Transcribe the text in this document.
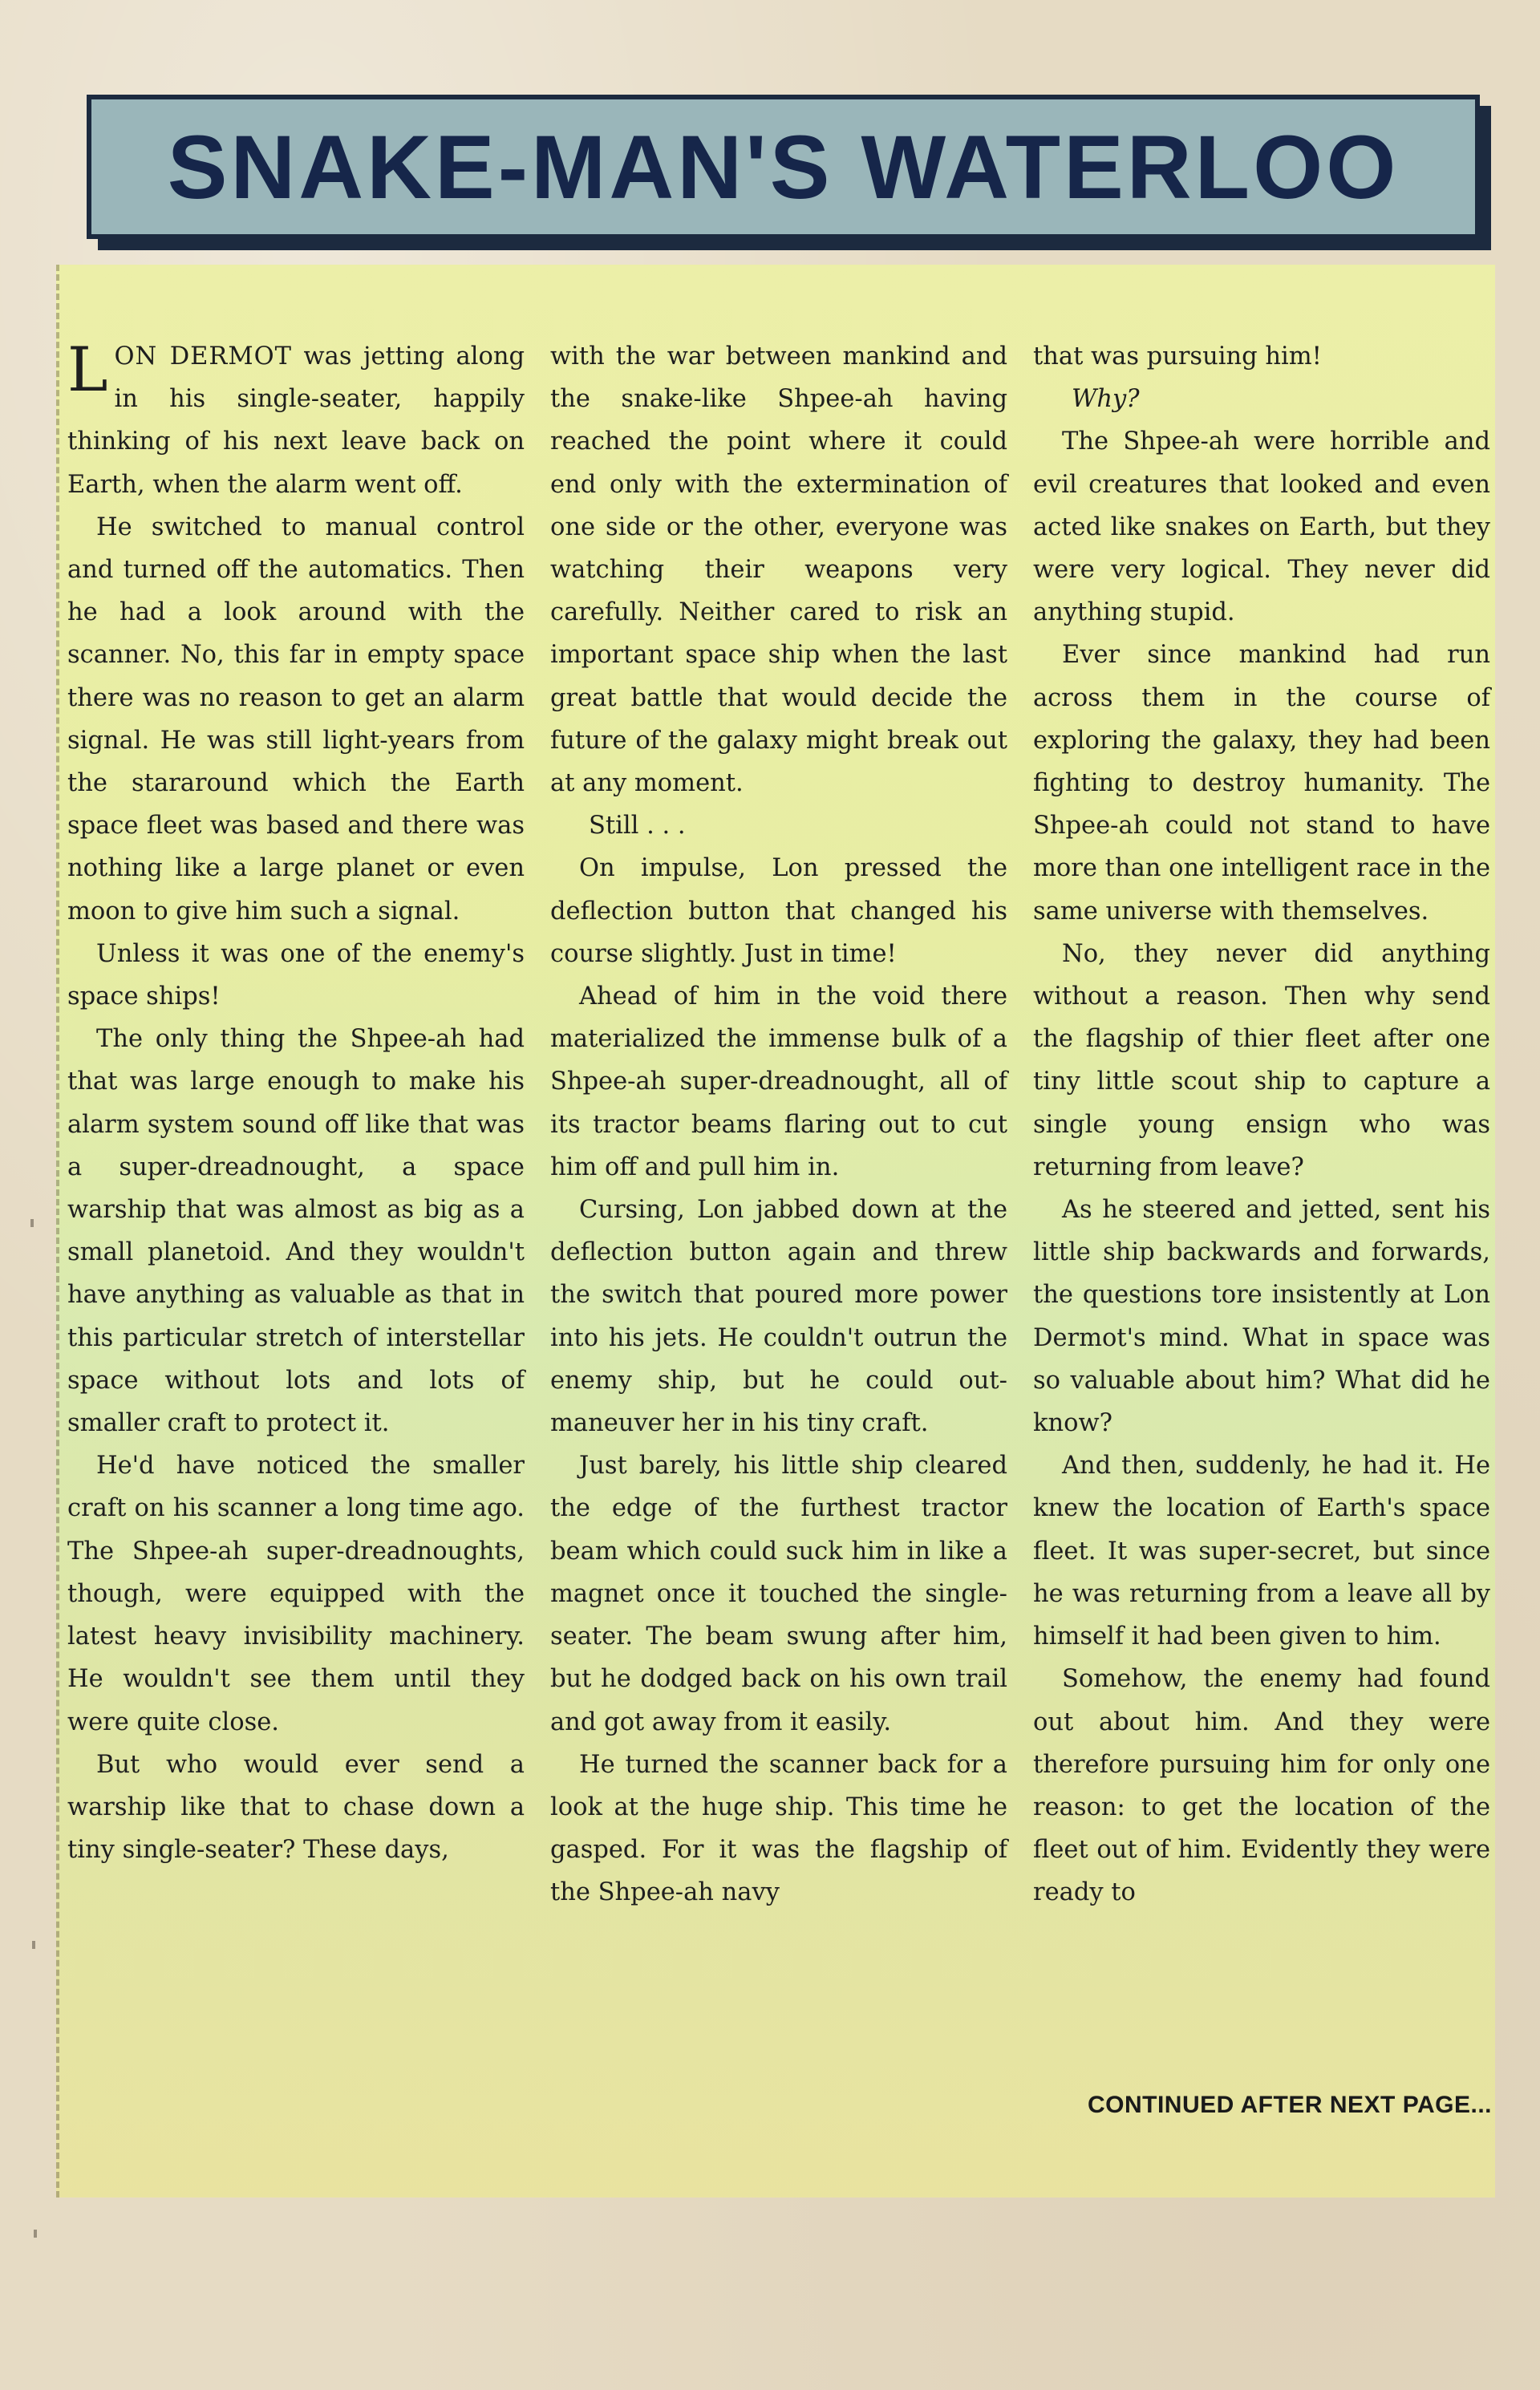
SNAKE-MAN'S WATERLOO

LON DERMOT was jetting along in his single-seater, happily thinking of his next leave back on Earth, when the alarm went off.

He switched to manual control and turned off the automatics. Then he had a look around with the scanner. No, this far in empty space there was no reason to get an alarm signal. He was still light-years from the stararound which the Earth space fleet was based and there was nothing like a large planet or even moon to give him such a signal.

Unless it was one of the enemy's space ships!

The only thing the Shpee-ah had that was large enough to make his alarm system sound off like that was a super-dreadnought, a space warship that was almost as big as a small planetoid. And they wouldn't have anything as valuable as that in this particular stretch of interstellar space without lots and lots of smaller craft to protect it.

He'd have noticed the smaller craft on his scanner a long time ago. The Shpee-ah super-dreadnoughts, though, were equipped with the latest heavy invisibility machinery. He wouldn't see them until they were quite close.

But who would ever send a warship like that to chase down a tiny single-seater? These days,

with the war between mankind and the snake-like Shpee-ah having reached the point where it could end only with the extermination of one side or the other, everyone was watching their weapons very carefully. Neither cared to risk an important space ship when the last great battle that would decide the future of the galaxy might break out at any moment.

Still . . .

On impulse, Lon pressed the deflection button that changed his course slightly. Just in time!

Ahead of him in the void there materialized the immense bulk of a Shpee-ah super-dreadnought, all of its tractor beams flaring out to cut him off and pull him in.

Cursing, Lon jabbed down at the deflection button again and threw the switch that poured more power into his jets. He couldn't outrun the enemy ship, but he could out-maneuver her in his tiny craft.

Just barely, his little ship cleared the edge of the furthest tractor beam which could suck him in like a magnet once it touched the single-seater. The beam swung after him, but he dodged back on his own trail and got away from it easily.

He turned the scanner back for a look at the huge ship. This time he gasped. For it was the flagship of the Shpee-ah navy

that was pursuing him!

Why?

The Shpee-ah were horrible and evil creatures that looked and even acted like snakes on Earth, but they were very logical. They never did anything stupid.

Ever since mankind had run across them in the course of exploring the galaxy, they had been fighting to destroy humanity. The Shpee-ah could not stand to have more than one intelligent race in the same universe with themselves.

No, they never did anything without a reason. Then why send the flagship of thier fleet after one tiny little scout ship to capture a single young ensign who was returning from leave?

As he steered and jetted, sent his little ship backwards and forwards, the questions tore insistently at Lon Dermot's mind. What in space was so valuable about him? What did he know?

And then, suddenly, he had it. He knew the location of Earth's space fleet. It was super-secret, but since he was returning from a leave all by himself it had been given to him.

Somehow, the enemy had found out about him. And they were therefore pursuing him for only one reason: to get the location of the fleet out of him. Evidently they were ready to

CONTINUED AFTER NEXT PAGE...
